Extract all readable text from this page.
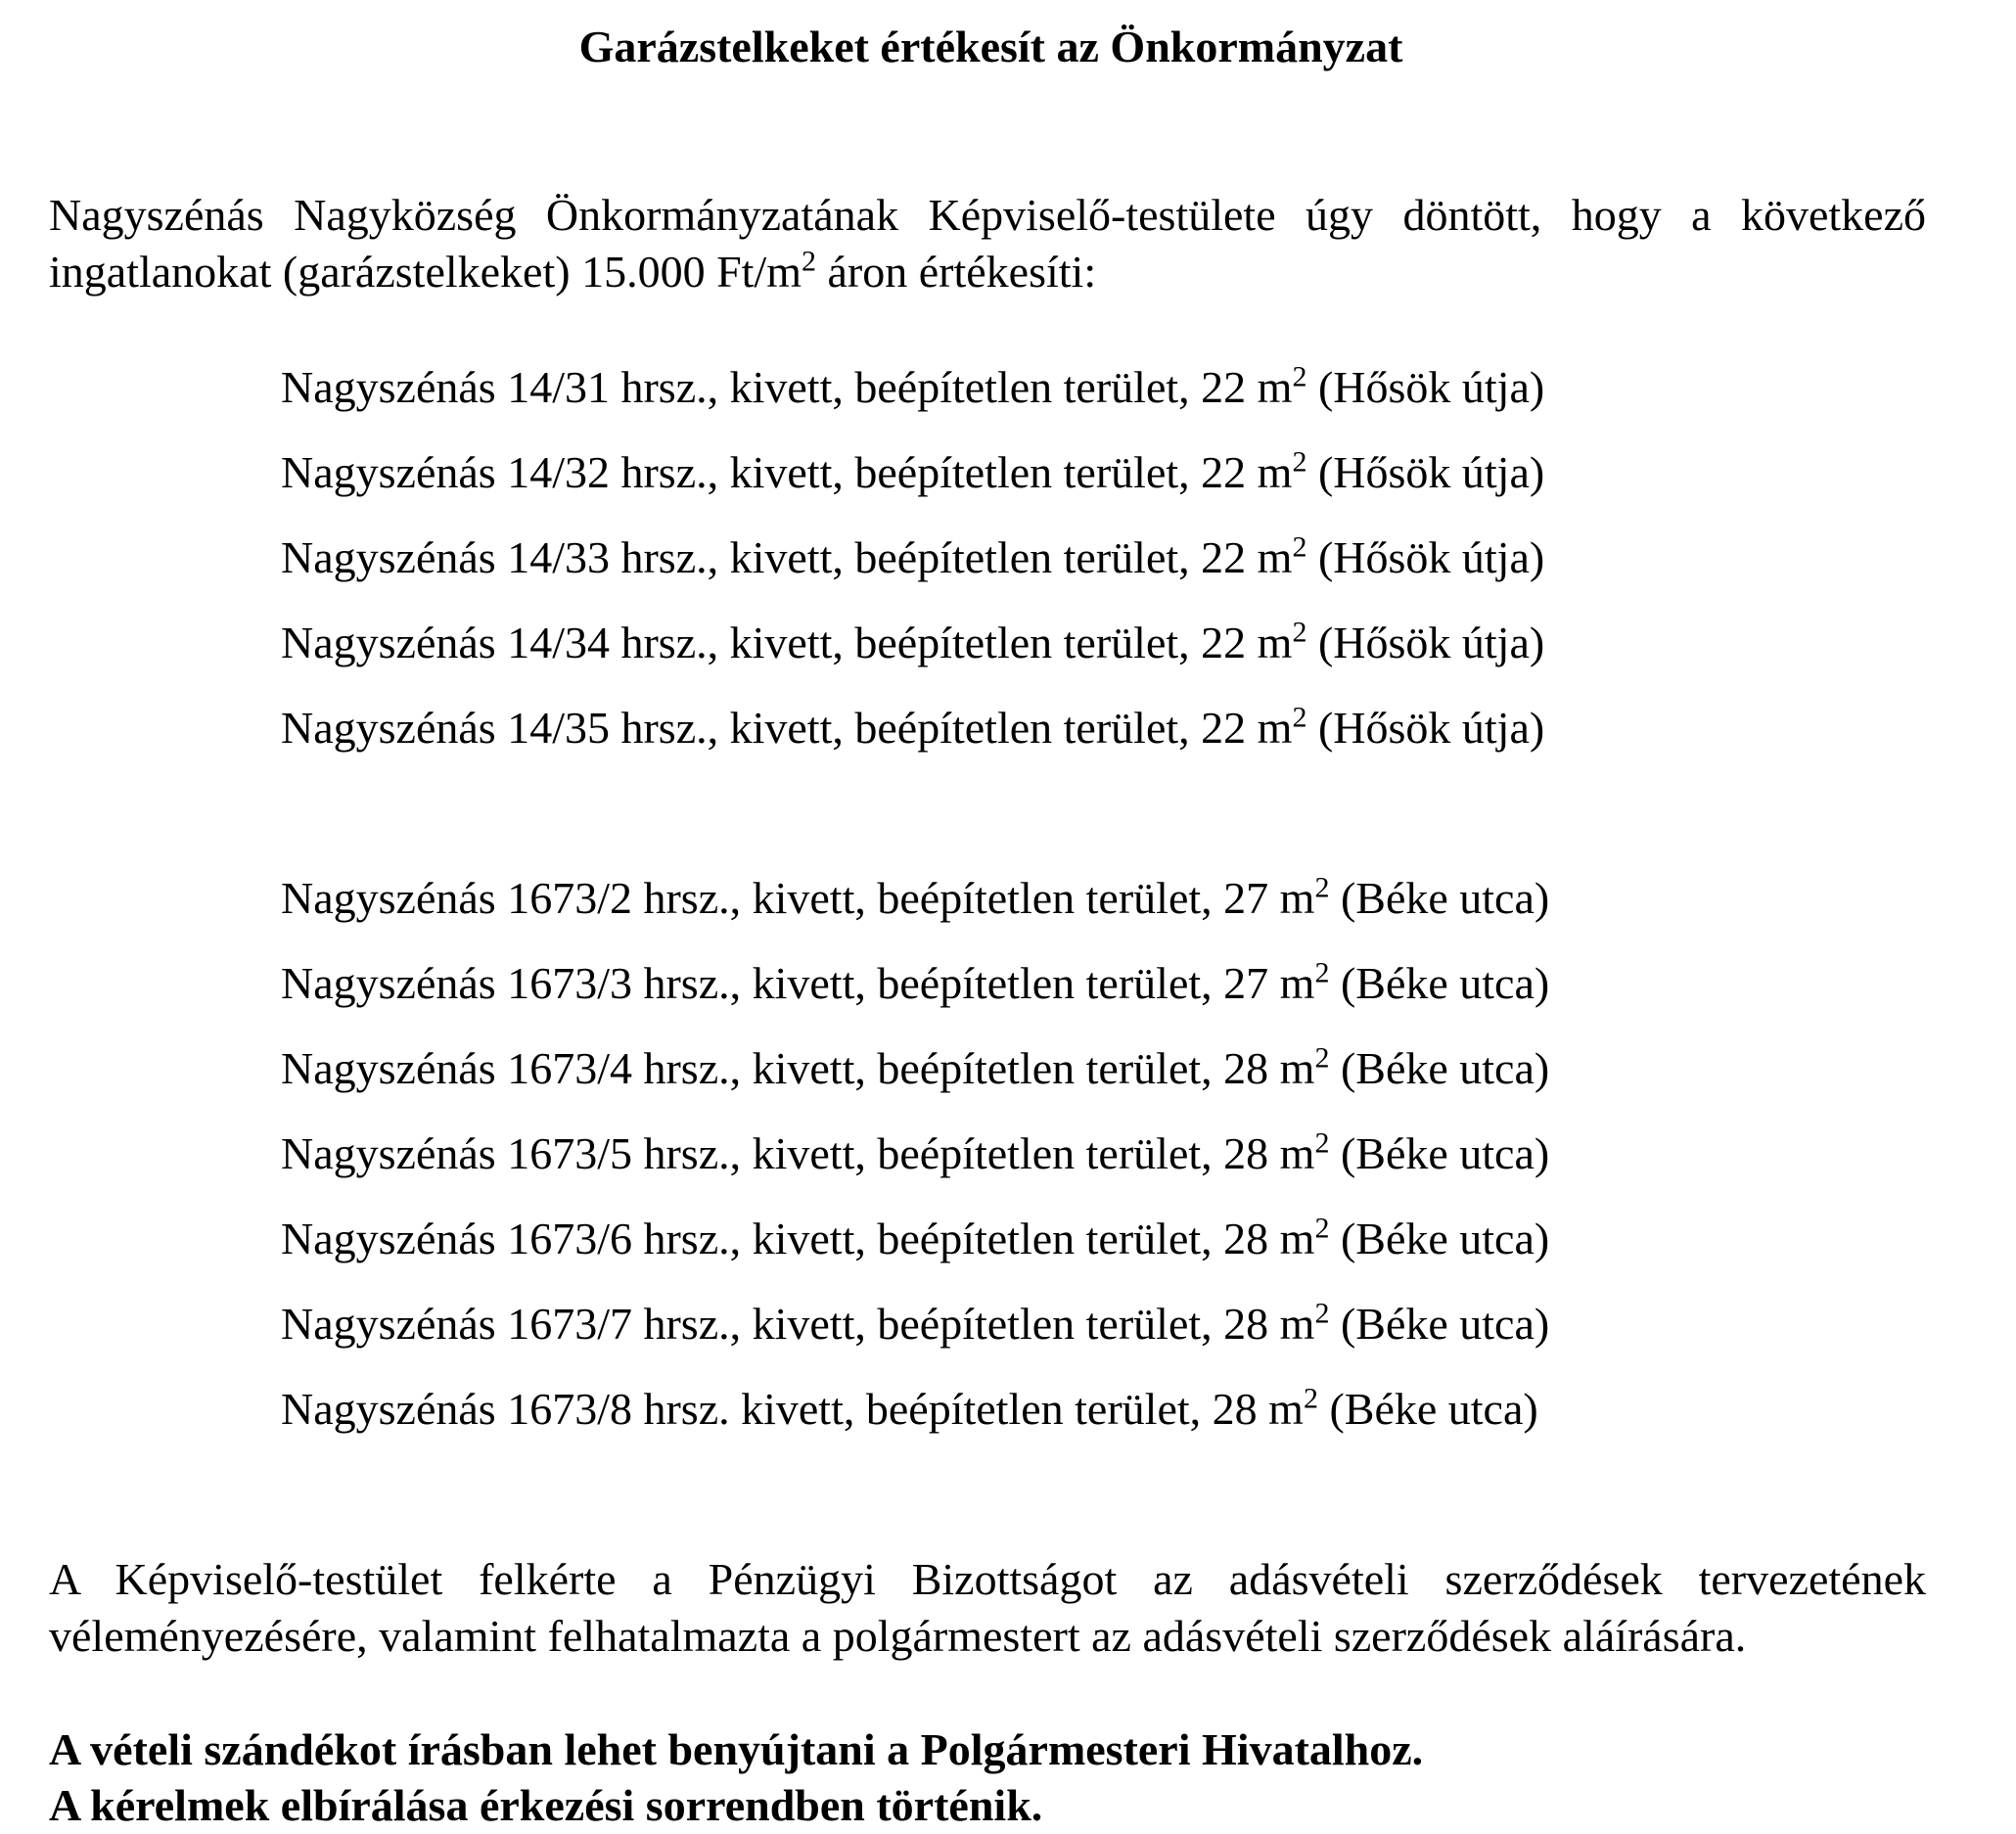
Garázstelkeket értékesít az Önkormányzat

Nagyszénás Nagyközség Önkormányzatának Képviselő-testülete úgy döntött, hogy a következő ingatlanokat (garázstelkeket) 15.000 $Ft/m^2$ áron értékesíti:

Nagyszénás 14/31 hrsz., kivett, beépítetlen terület, 22 $m^2$ (Hősök útja)
Nagyszénás 14/32 hrsz., kivett, beépítetlen terület, 22 $m^2$ (Hősök útja)
Nagyszénás 14/33 hrsz., kivett, beépítetlen terület, 22 $m^2$ (Hősök útja)
Nagyszénás 14/34 hrsz., kivett, beépítetlen terület, 22 $m^2$ (Hősök útja)
Nagyszénás 14/35 hrsz., kivett, beépítetlen terület, 22 $m^2$ (Hősök útja)
Nagyszénás 1673/2 hrsz., kivett, beépítetlen terület, 27 $m^2$ (Béke utca)
Nagyszénás 1673/3 hrsz., kivett, beépítetlen terület, 27 $m^2$ (Béke utca)
Nagyszénás 1673/4 hrsz., kivett, beépítetlen terület, 28 $m^2$ (Béke utca)
Nagyszénás 1673/5 hrsz., kivett, beépítetlen terület, 28 $m^2$ (Béke utca)
Nagyszénás 1673/6 hrsz., kivett, beépítetlen terület, 28 $m^2$ (Béke utca)
Nagyszénás 1673/7 hrsz., kivett, beépítetlen terület, 28 $m^2$ (Béke utca)
Nagyszénás 1673/8 hrsz. kivett, beépítetlen terület, 28 $m^2$ (Béke utca)

A Képviselő-testület felkérte a Pénzügyi Bizottságot az adásvételi szerződések tervezetének véleményezésére, valamint felhatalmazta a polgármestert az adásvételi szerződések aláírására.

A vételi szándékot írásban lehet benyújtani a Polgármesteri Hivatalhoz.
A kérelmek elbírálása érkezési sorrendben történik.
